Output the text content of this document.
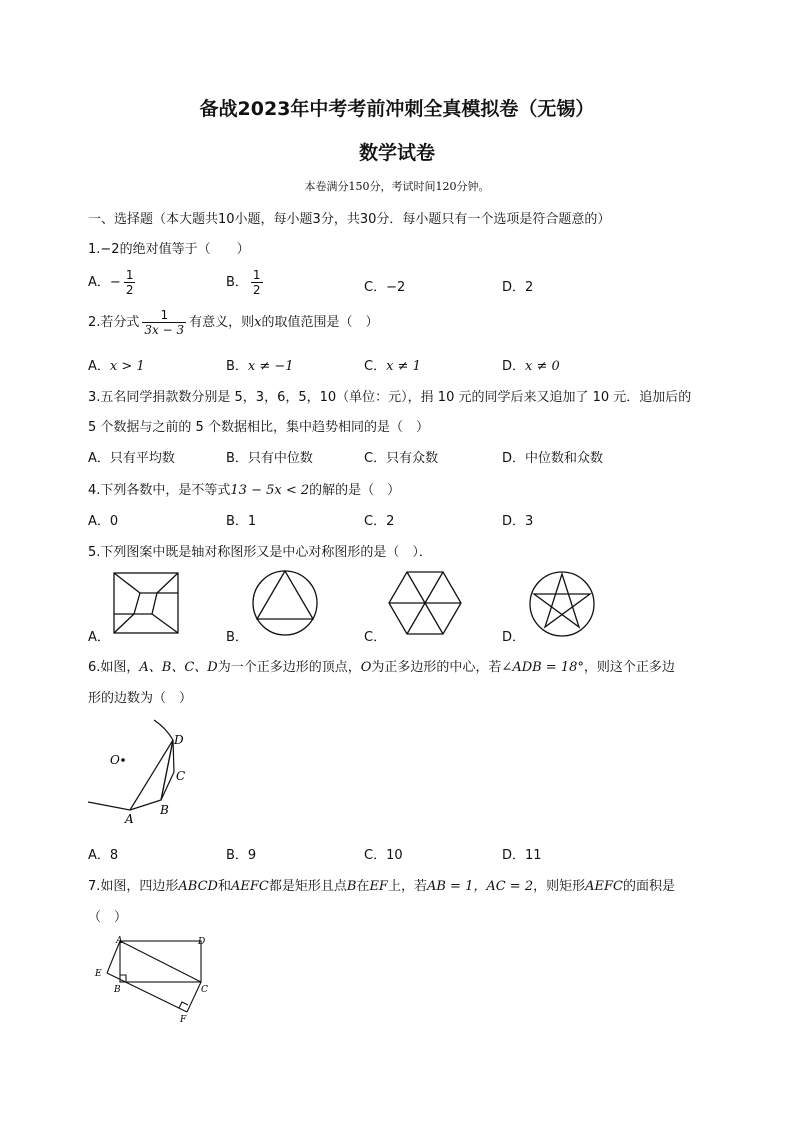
备战2023年中考考前冲刺全真模拟卷（无锡）
数学试卷
本卷满分150分，考试时间120分钟。
一、选择题（本大题共10小题，每小题3分，共30分．每小题只有一个选项是符合题意的）
1.−2的绝对值等于（　　）
A．− $\frac{1}{2}$	B． $\frac{1}{2}$	C．−2	D．2
2.若分式 $\frac{1}{3x - 3}$ 有意义，则x的取值范围是（　）
A．x > 1	B．x ≠ −1	C．x ≠ 1	D．x ≠ 0
3.五名同学捐款数分别是 5，3，6，5，10（单位：元），捐 10 元的同学后来又追加了 10 元．追加后的
5 个数据与之前的 5 个数据相比，集中趋势相同的是（　）
A．只有平均数	B．只有中位数	C．只有众数	D．中位数和众数
4.下列各数中，是不等式13 − 5x < 2的解的是（　）
A．0	B．1	C．2	D．3
5.下列图案中既是轴对称图形又是中心对称图形的是（　）．
A．	B．	C．	D．
6.如图，A、B、C、D为一个正多边形的顶点，O为正多边形的中心，若∠ADB = 18°，则这个正多边
形的边数为（　）
O
A
B
C
D
A．8	B．9	C．10	D．11
7.如图，四边形ABCD和AEFC都是矩形且点B在EF上，若AB = 1，AC = 2，则矩形AEFC的面积是
（　）
A	D
E
B	C
F
